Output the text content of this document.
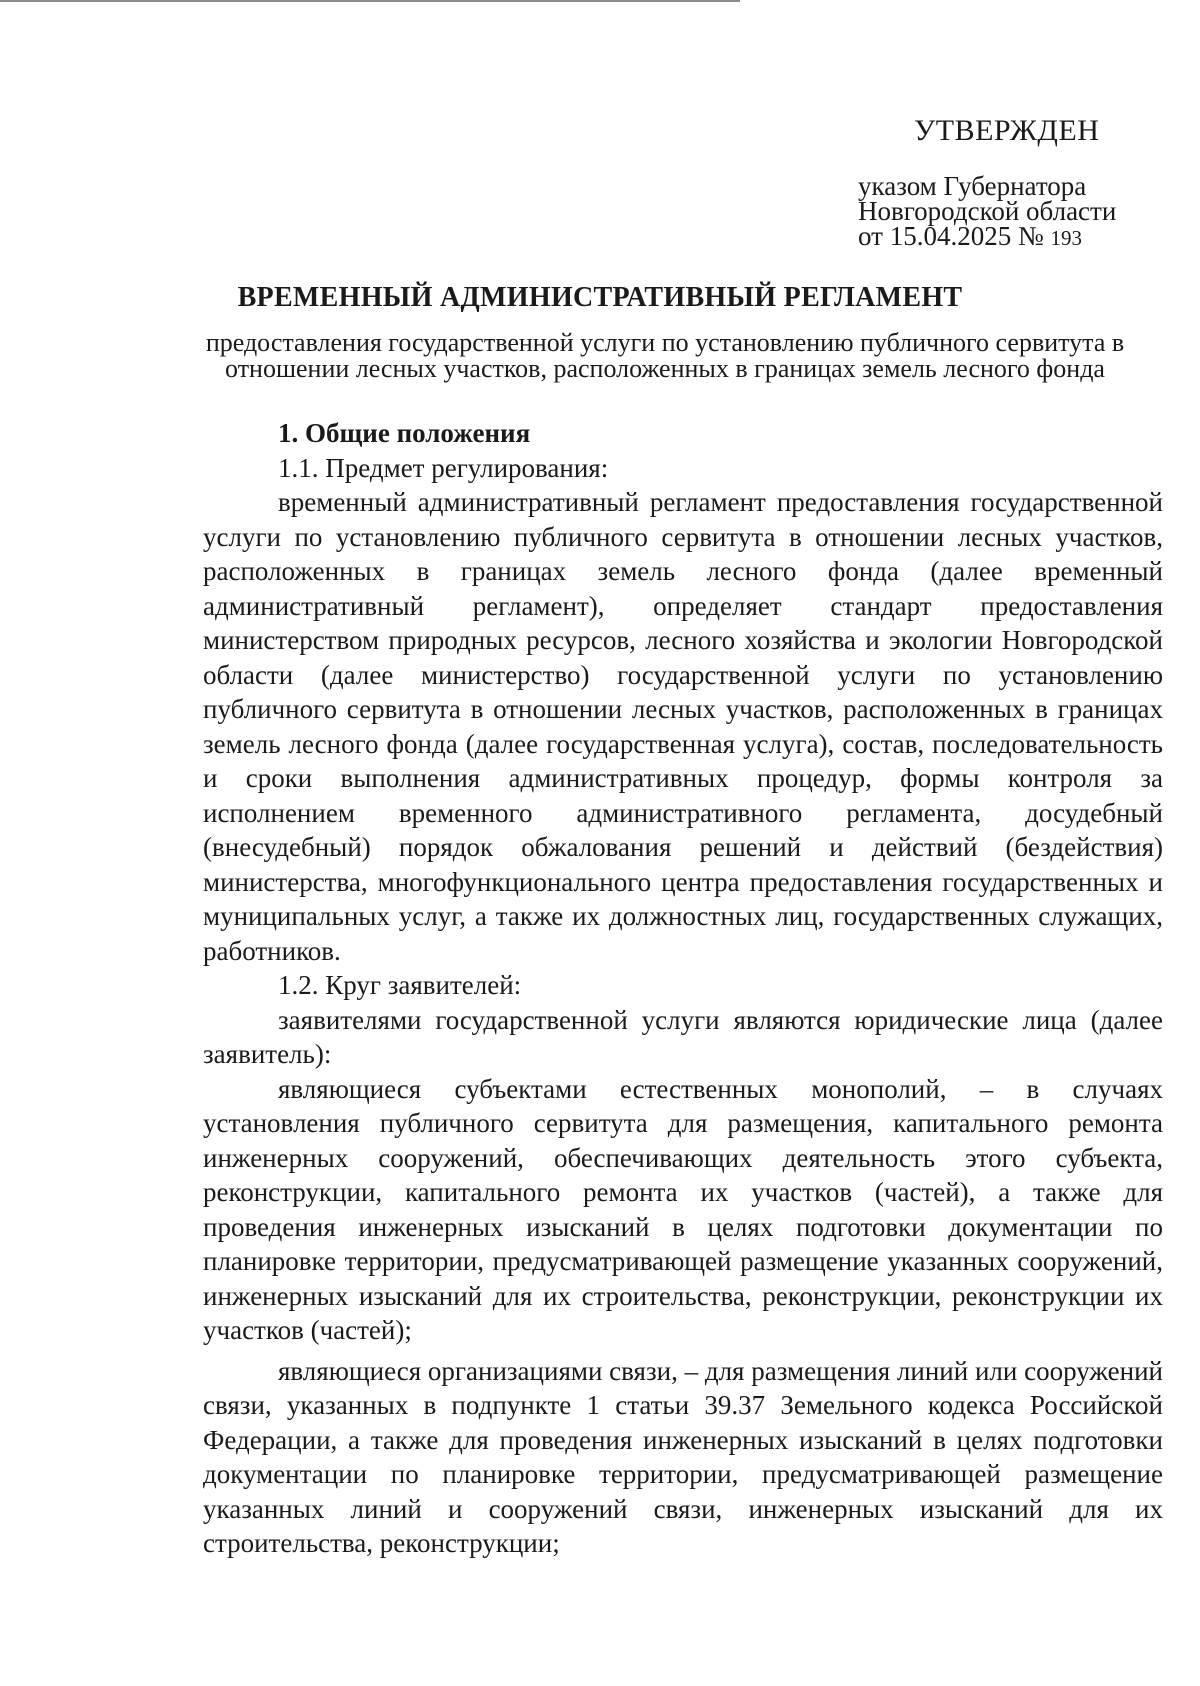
УТВЕРЖДЕН

указом Губернатора

Новгородской области

от 15.04.2025 № 193

ВРЕМЕННЫЙ АДМИНИСТРАТИВНЫЙ РЕГЛАМЕНТ

предоставления государственной услуги по установлению публичного сервитута в отношении лесных участков, расположенных в границах земель лесного фонда

1. Общие положения

1.1. Предмет регулирования:

временный административный регламент предоставления государственной услуги по установлению публичного сервитута в отношении лесных участков, расположенных в границах земель лесного фонда (далее временный административный регламент), определяет стандарт предоставления министерством природных ресурсов, лесного хозяйства и экологии Новгородской области (далее министерство) государственной услуги по установлению публичного сервитута в отношении лесных участков, расположенных в границах земель лесного фонда (далее государственная услуга), состав, последовательность и сроки выполнения административных процедур, формы контроля за исполнением временного административного регламента, досудебный (внесудебный) порядок обжалования решений и действий (бездействия) министерства, многофункционального центра предоставления государственных и муниципальных услуг, а также их должностных лиц, государственных служащих, работников.

1.2. Круг заявителей:

заявителями государственной услуги являются юридические лица (далее заявитель):

являющиеся субъектами естественных монополий, – в случаях установления публичного сервитута для размещения, капитального ремонта инженерных сооружений, обеспечивающих деятельность этого субъекта, реконструкции, капитального ремонта их участков (частей), а также для проведения инженерных изысканий в целях подготовки документации по планировке территории, предусматривающей размещение указанных сооружений, инженерных изысканий для их строительства, реконструкции, реконструкции их участков (частей);

являющиеся организациями связи, – для размещения линий или сооружений связи, указанных в подпункте 1 статьи 39.37 Земельного кодекса Российской Федерации, а также для проведения инженерных изысканий в целях подготовки документации по планировке территории, предусматривающей размещение указанных линий и сооружений связи, инженерных изысканий для их строительства, реконструкции;
